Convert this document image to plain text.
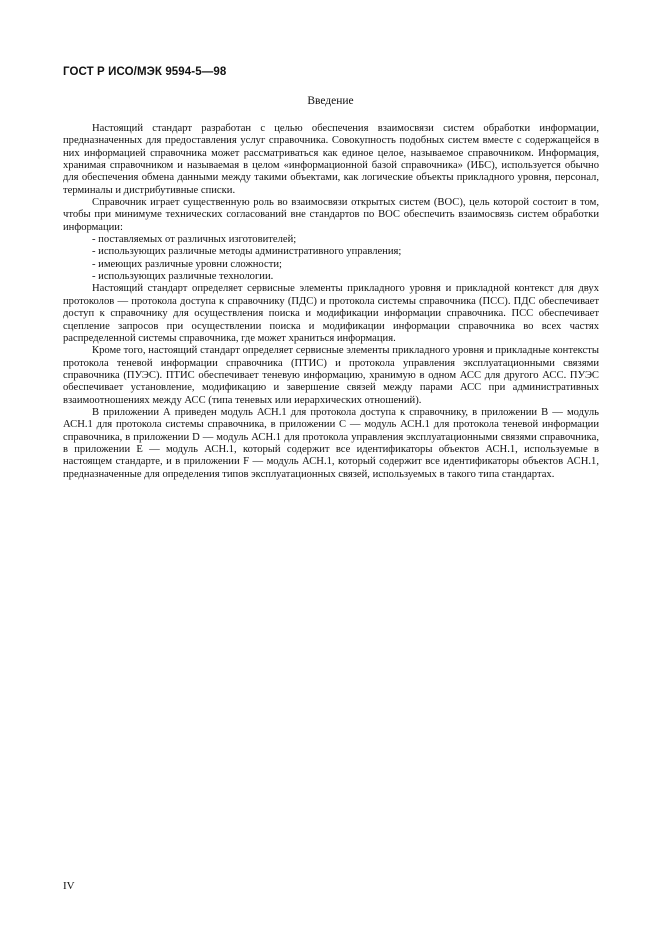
ГОСТ Р ИСО/МЭК 9594-5—98
Введение

Настоящий стандарт разработан с целью обеспечения взаимосвязи систем обработки информации, предназначенных для предоставления услуг справочника. Совокупность подобных систем вместе с содержащейся в них информацией справочника может рассматриваться как единое целое, называемое справочником. Информация, хранимая справочником и называемая в целом «информационной базой справочника» (ИБС), используется обычно для обеспечения обмена данными между такими объектами, как логические объекты прикладного уровня, персонал, терминалы и дистрибутивные списки.

Справочник играет существенную роль во взаимосвязи открытых систем (ВОС), цель которой состоит в том, чтобы при минимуме технических согласований вне стандартов по ВОС обеспечить взаимосвязь систем обработки информации:

- поставляемых от различных изготовителей;
- использующих различные методы административного управления;
- имеющих различные уровни сложности;
- использующих различные технологии.

Настоящий стандарт определяет сервисные элементы прикладного уровня и прикладной контекст для двух протоколов — протокола доступа к справочнику (ПДС) и протокола системы справочника (ПСС). ПДС обеспечивает доступ к справочнику для осуществления поиска и модификации информации справочника. ПСС обеспечивает сцепление запросов при осуществлении поиска и модификации информации справочника во всех частях распределенной системы справочника, где может храниться информация.

Кроме того, настоящий стандарт определяет сервисные элементы прикладного уровня и прикладные контексты протокола теневой информации справочника (ПТИС) и протокола управления эксплуатационными связями справочника (ПУЭС). ПТИС обеспечивает теневую информацию, хранимую в одном АСС для другого АСС. ПУЭС обеспечивает установление, модификацию и завершение связей между парами АСС при административных взаимоотношениях между АСС (типа теневых или иерархических отношений).

В приложении А приведен модуль АСН.1 для протокола доступа к справочнику, в приложении В — модуль АСН.1 для протокола системы справочника, в приложении С — модуль АСН.1 для протокола теневой информации справочника, в приложении D — модуль АСН.1 для протокола управления эксплуатационными связями справочника, в приложении Е — модуль АСН.1, который содержит все идентификаторы объектов АСН.1, используемые в настоящем стандарте, и в приложении F — модуль АСН.1, который содержит все идентификаторы объектов АСН.1, предназначенные для определения типов эксплуатационных связей, используемых в такого типа стандартах.

IV
